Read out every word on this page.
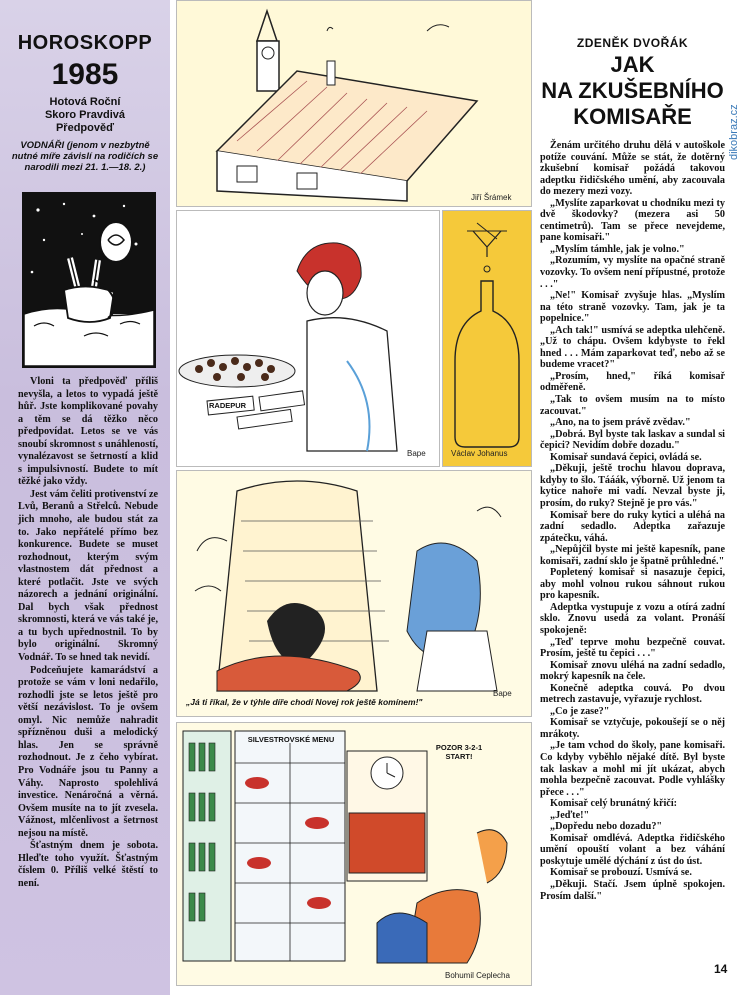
HOROSKOPP
1985
Hotová Roční
Skoro Pravdivá
Předpověď
VODNÁŘI (jenom v nezbytně nutné míře závislí na rodičích se narodili mezi 21. 1.—18. 2.)

Vloni ta předpověď příliš nevyšla, a letos to vypadá ještě hůř. Jste komplikované povahy a těm se dá těžko něco předpovídat. Letos se ve vás snoubí skromnost s unáhleností, vynalézavost se šetrností a klid s impulsivností. Budete to mít těžké jako vždy.

Jest vám čeliti protivenství ze Lvů, Beranů a Střelců. Nebude jich mnoho, ale budou stát za to. Jako nepřátelé přímo bez konkurence. Budete se muset rozhodnout, kterým svým vlastnostem dát přednost a které potlačit. Jste ve svých názorech a jednání originální. Dal bych však přednost skromnosti, která ve vás také je, a tu bych upřednostnil. To by bylo originální. Skromný Vodnář. To se hned tak nevidí.

Podceňujete kamarádství a protože se vám v loni nedařilo, rozhodli jste se letos ještě pro větší nezávislost. To je ovšem omyl. Nic nemůže nahradit spřízněnou duši a melodický hlas. Jen se správně rozhodnout. Je z čeho vybírat. Pro Vodnáře jsou tu Panny a Váhy. Naprosto spolehlivá investice. Nenáročná a věrná. Ovšem musíte na to jít zvesela. Vážnost, mlčenlivost a šetrnost nejsou na místě.

Šťastným dnem je sobota. Hleďte toho využít. Šťastným číslem 0. Příliš velké štěstí to není.

Jiří Šrámek
RADEPUR
Bape	Václav Johanus
Bape
„Já ti říkal, že v týhle díře chodí Novej rok ještě komínem!"
SILVESTROVSKÉ MENU
POZOR 3-2-1 START!
Bohumil Ceplecha
ZDENĚK DVOŘÁK
JAK
NA ZKUŠEBNÍHO
KOMISAŘE

Ženám určitého druhu dělá v autoškole potíže couvání. Může se stát, že dotěrný zkušební komisař požádá takovou adeptku řidičského umění, aby zacouvala do mezery mezi vozy.

„Myslíte zaparkovat u chodníku mezi ty dvě škodovky? (mezera asi 50 centimetrů). Tam se přece nevejdeme, pane komisaři."

„Myslím támhle, jak je volno."

„Rozumím, vy myslíte na opačné straně vozovky. To ovšem není přípustné, protože . . ."

„Ne!" Komisař zvyšuje hlas. „Myslím na této straně vozovky. Tam, jak je ta popelnice."

„Ach tak!" usmívá se adeptka ulehčeně. „Už to chápu. Ovšem kdybyste to řekl hned . . . Mám zaparkovat teď, nebo až se budeme vracet?"

„Prosím, hned," říká komisař odměřeně.

„Tak to ovšem musím na to místo zacouvat."

„Ano, na to jsem právě zvědav."

„Dobrá. Byl byste tak laskav a sundal si čepici? Nevidím dobře dozadu."

Komisař sundavá čepici, ovládá se.

„Děkuji, ještě trochu hlavou doprava, kdyby to šlo. Tááák, výborně. Už jenom ta kytice nahoře mi vadí. Nevzal byste ji, prosím, do ruky? Stejně je pro vás."

Komisař bere do ruky kytici a uléhá na zadní sedadlo. Adeptka zařazuje zpátečku, váhá.

„Nepůjčil byste mi ještě kapesník, pane komisaři, zadní sklo je špatně průhledné."

Popletený komisař si nasazuje čepici, aby mohl volnou rukou sáhnout rukou pro kapesník.

Adeptka vystupuje z vozu a otírá zadní sklo. Znovu usedá za volant. Pronáší spokojeně:

„Teď teprve mohu bezpečně couvat. Prosím, ještě tu čepici . . ."

Komisař znovu uléhá na zadní sedadlo, mokrý kapesník na čele.

Konečně adeptka couvá. Po dvou metrech zastavuje, vyřazuje rychlost.

„Co je zase?"

Komisař se vztyčuje, pokoušejí se o něj mrákoty.

„Je tam vchod do školy, pane komisaři. Co kdyby vyběhlo nějaké dítě. Byl byste tak laskav a mohl mi jít ukázat, abych mohla bezpečně zacouvat. Podle vyhlášky přece . . ."

Komisař celý brunátný křičí:

„Jeďte!"

„Dopředu nebo dozadu?"

Komisař omdlévá. Adeptka řidičského umění opouští volant a bez váhání poskytuje umělé dýchání z úst do úst.

Komisař se probouzí. Usmívá se.

„Děkuji. Stačí. Jsem úplně spokojen. Prosím další."

14
dikobraz.cz
